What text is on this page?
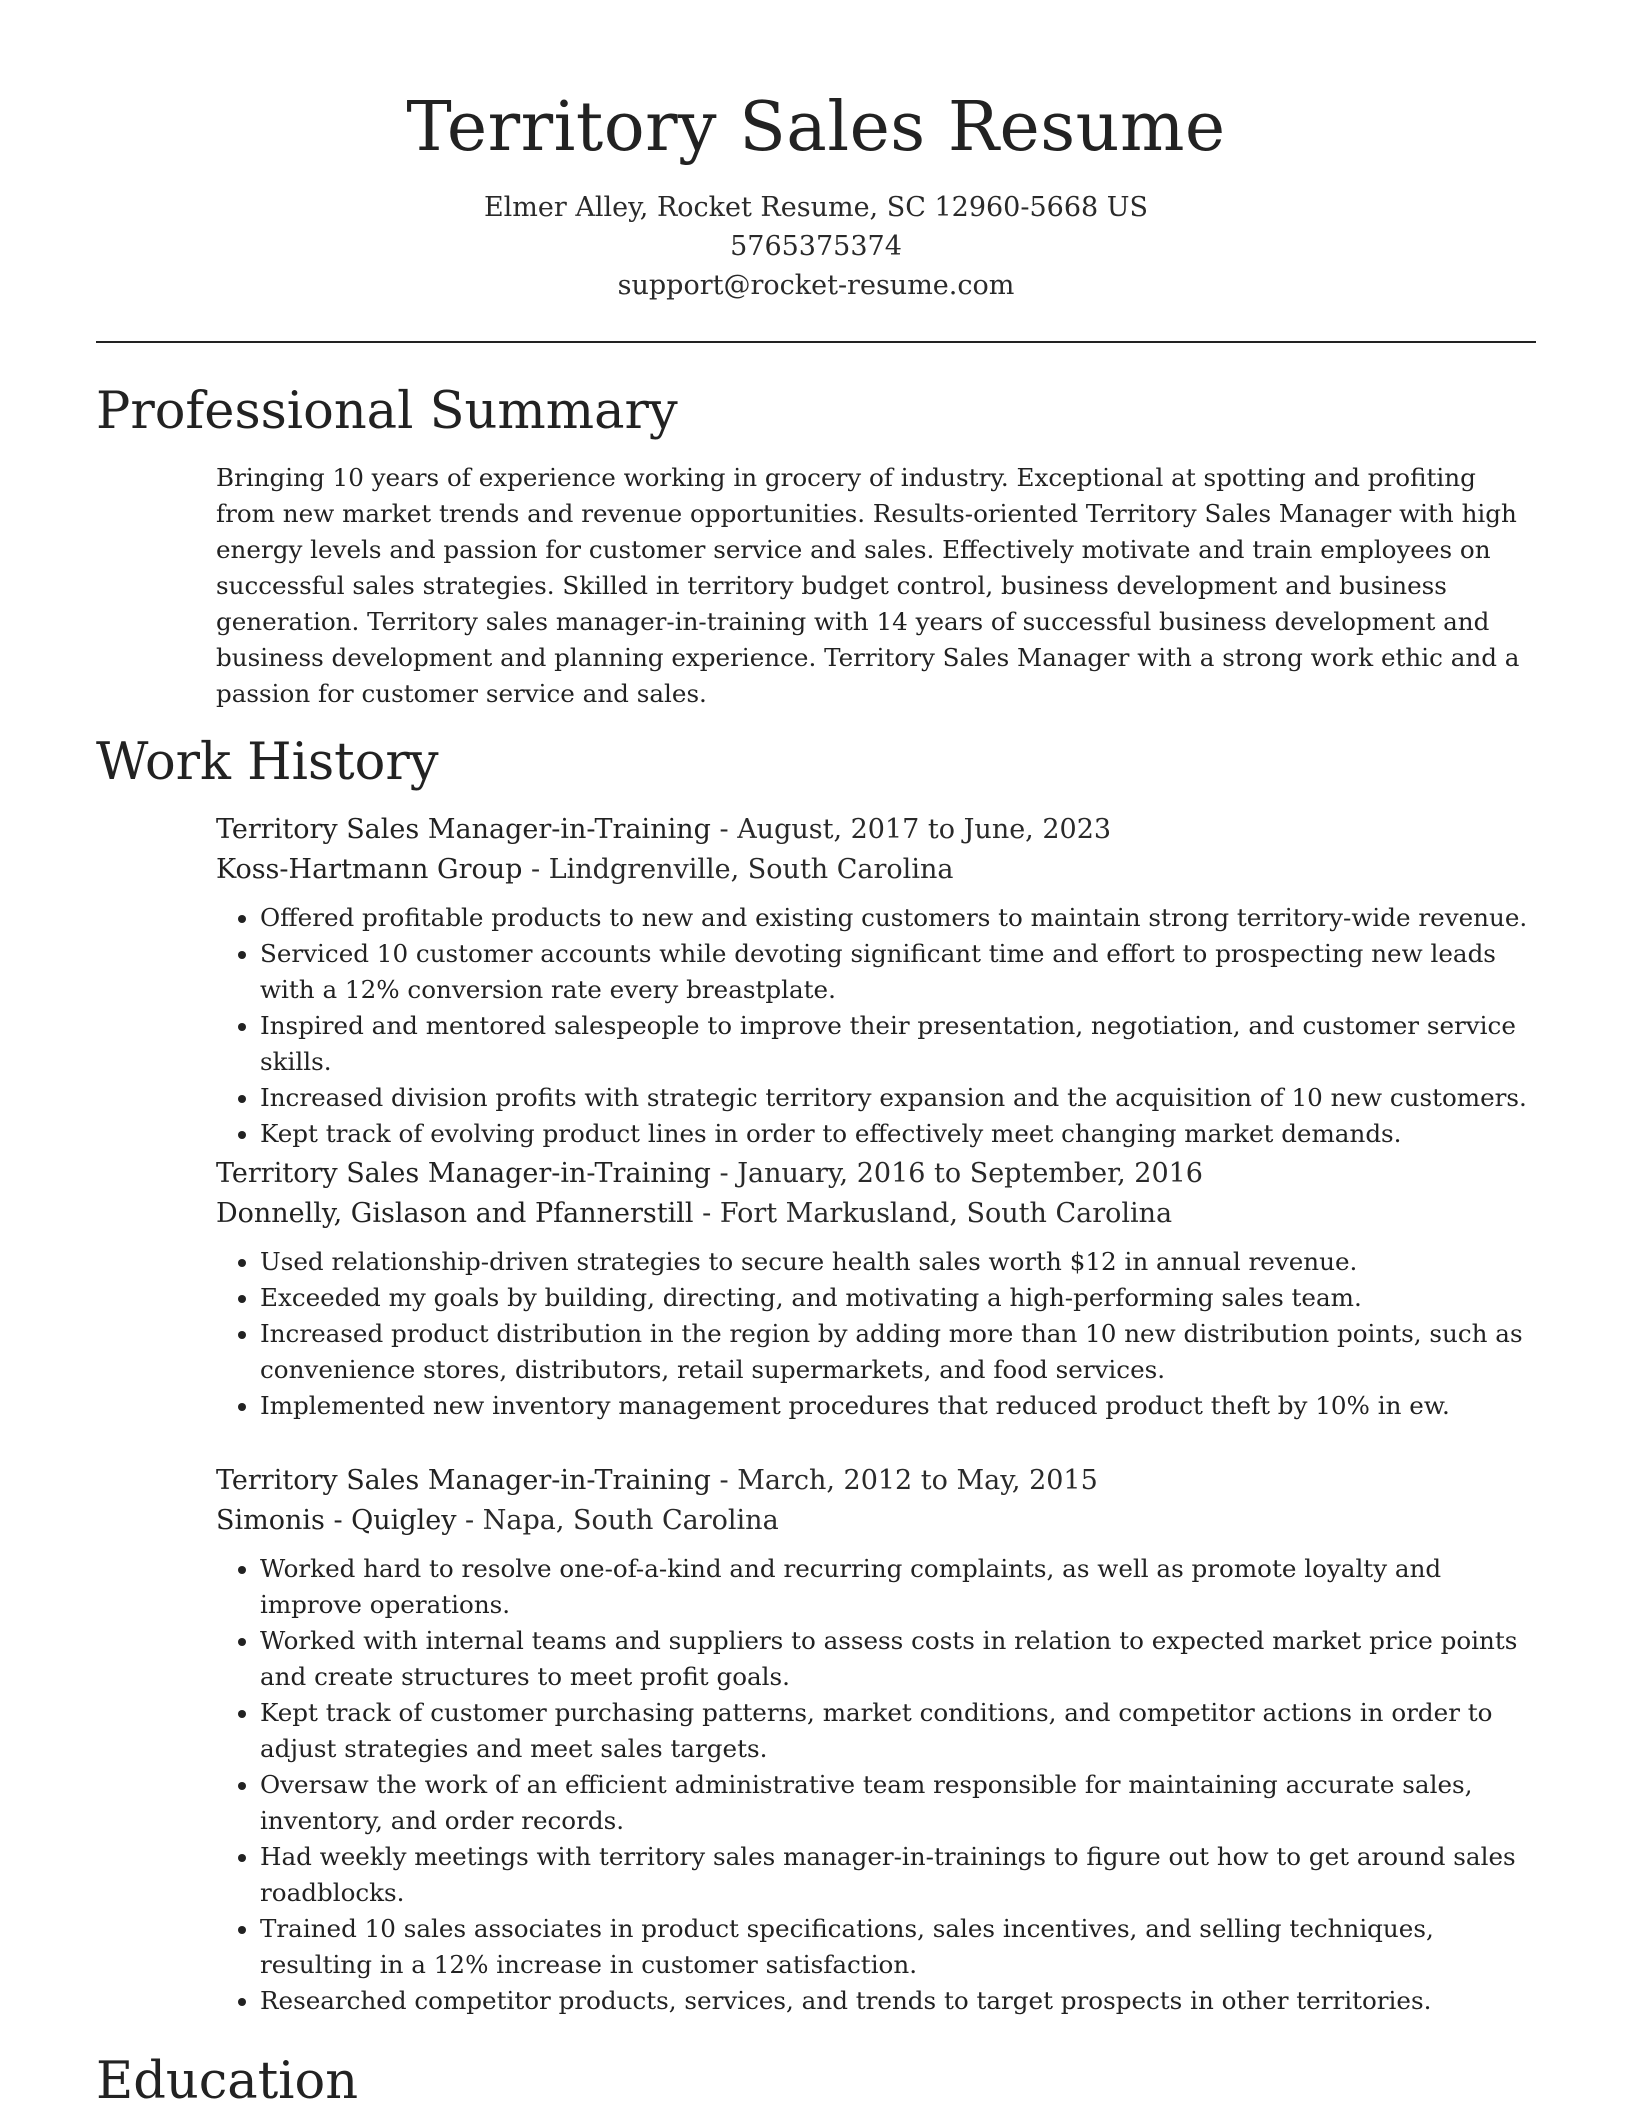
Territory Sales Resume
Elmer Alley, Rocket Resume, SC 12960-5668 US
5765375374
support@rocket-resume.com
Professional Summary

Bringing 10 years of experience working in grocery of industry. Exceptional at spotting and profiting from new market trends and revenue opportunities. Results-oriented Territory Sales Manager with high energy levels and passion for customer service and sales. Effectively motivate and train employees on successful sales strategies. Skilled in territory budget control, business development and business generation. Territory sales manager-in-training with 14 years of successful business development and business development and planning experience. Territory Sales Manager with a strong work ethic and a passion for customer service and sales.

Work History
Territory Sales Manager-in-Training - August, 2017 to June, 2023
Koss-Hartmann Group - Lindgrenville, South Carolina
• Offered profitable products to new and existing customers to maintain strong territory-wide revenue.
• Serviced 10 customer accounts while devoting significant time and effort to prospecting new leads with a 12% conversion rate every breastplate.
• Inspired and mentored salespeople to improve their presentation, negotiation, and customer service skills.
• Increased division profits with strategic territory expansion and the acquisition of 10 new customers.
• Kept track of evolving product lines in order to effectively meet changing market demands.
Territory Sales Manager-in-Training - January, 2016 to September, 2016
Donnelly, Gislason and Pfannerstill - Fort Markusland, South Carolina
• Used relationship-driven strategies to secure health sales worth $12 in annual revenue.
• Exceeded my goals by building, directing, and motivating a high-performing sales team.
• Increased product distribution in the region by adding more than 10 new distribution points, such as convenience stores, distributors, retail supermarkets, and food services.
• Implemented new inventory management procedures that reduced product theft by 10% in ew.
Territory Sales Manager-in-Training - March, 2012 to May, 2015
Simonis - Quigley - Napa, South Carolina
• Worked hard to resolve one-of-a-kind and recurring complaints, as well as promote loyalty and improve operations.
• Worked with internal teams and suppliers to assess costs in relation to expected market price points and create structures to meet profit goals.
• Kept track of customer purchasing patterns, market conditions, and competitor actions in order to adjust strategies and meet sales targets.
• Oversaw the work of an efficient administrative team responsible for maintaining accurate sales, inventory, and order records.
• Had weekly meetings with territory sales manager-in-trainings to figure out how to get around sales roadblocks.
• Trained 10 sales associates in product specifications, sales incentives, and selling techniques, resulting in a 12% increase in customer satisfaction.
• Researched competitor products, services, and trends to target prospects in other territories.
Education
